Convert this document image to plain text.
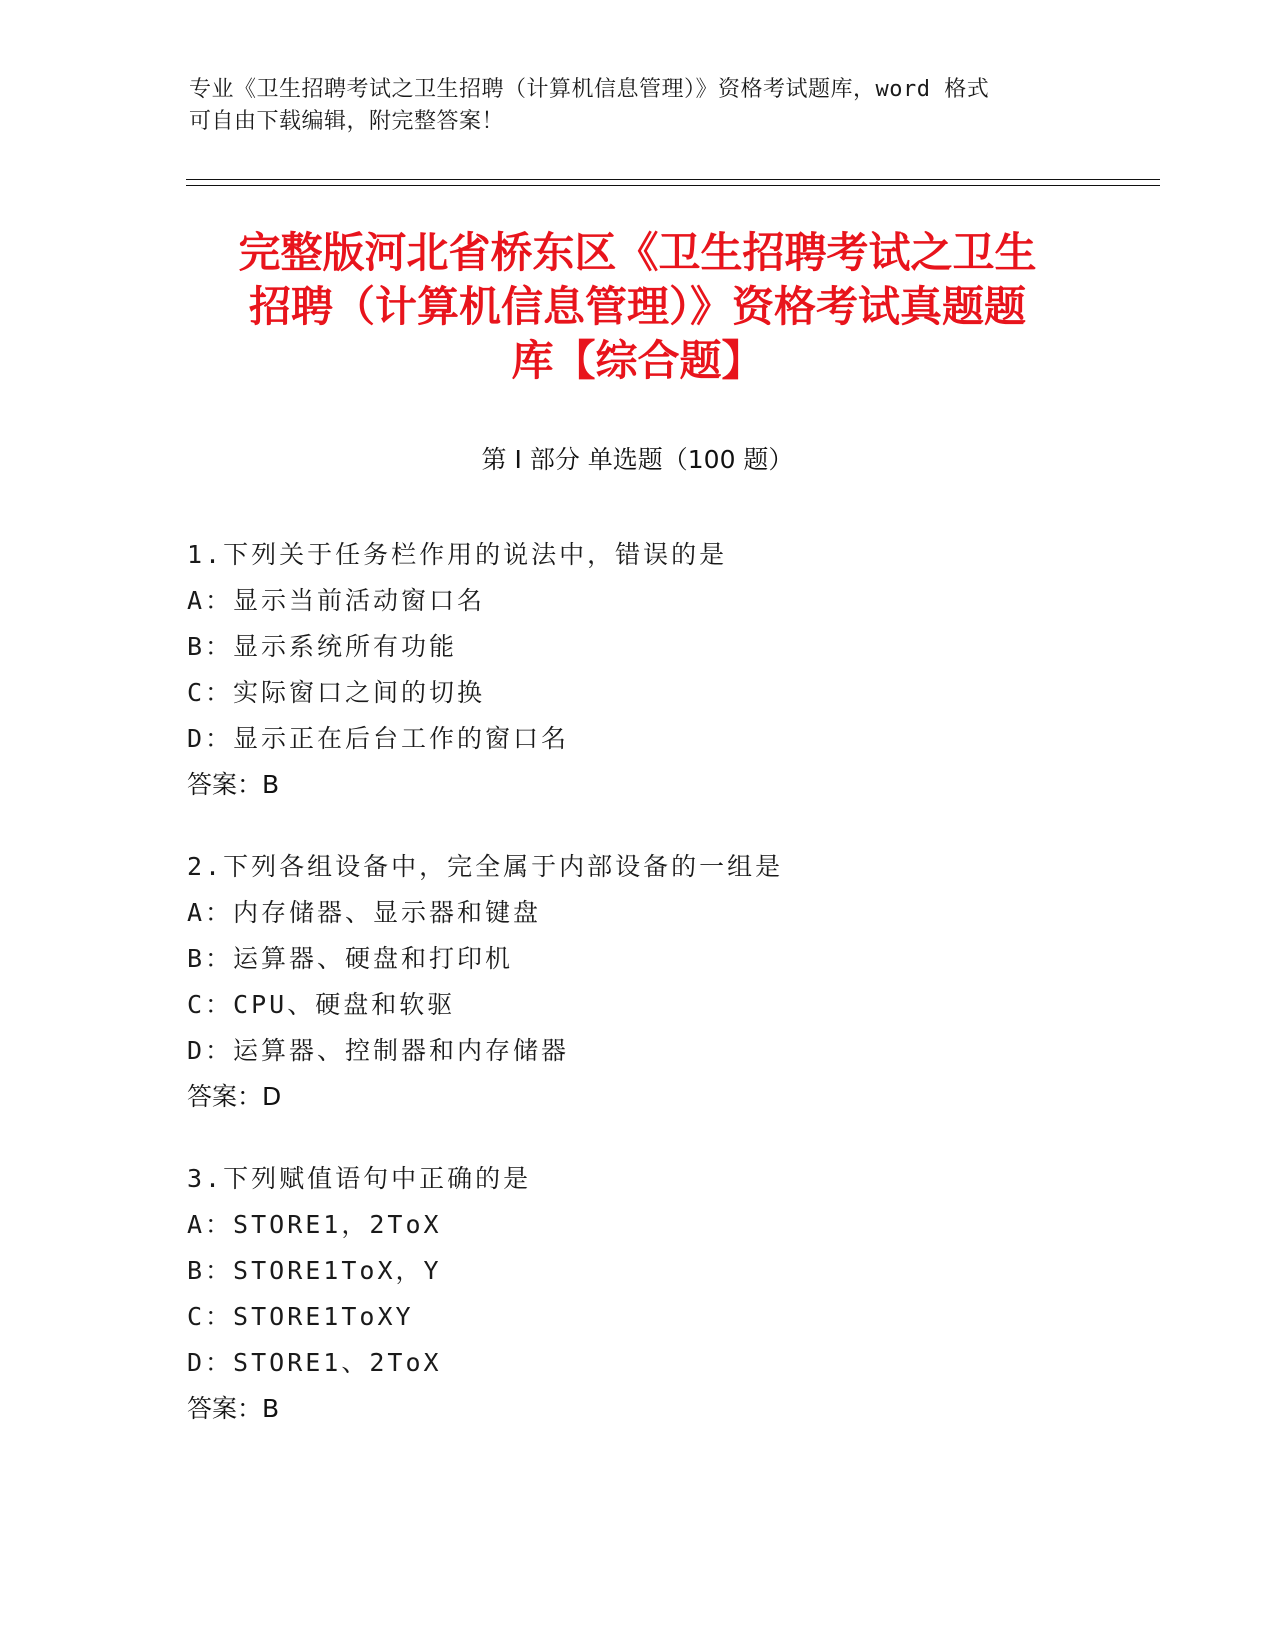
专业《卫生招聘考试之卫生招聘（计算机信息管理）》资格考试题库，word 格式
可自由下载编辑，附完整答案！
完整版河北省桥东区《卫生招聘考试之卫生
招聘（计算机信息管理）》资格考试真题题
库【综合题】
第 I 部分 单选题（100 题）
1.下列关于任务栏作用的说法中，错误的是
A：显示当前活动窗口名
B：显示系统所有功能
C：实际窗口之间的切换
D：显示正在后台工作的窗口名
答案：B
2.下列各组设备中，完全属于内部设备的一组是
A：内存储器、显示器和键盘
B：运算器、硬盘和打印机
C：CPU、硬盘和软驱
D：运算器、控制器和内存储器
答案：D
3.下列赋值语句中正确的是
A：STORE1，2ToX
B：STORE1ToX，Y
C：STORE1ToXY
D：STORE1、2ToX
答案：B
